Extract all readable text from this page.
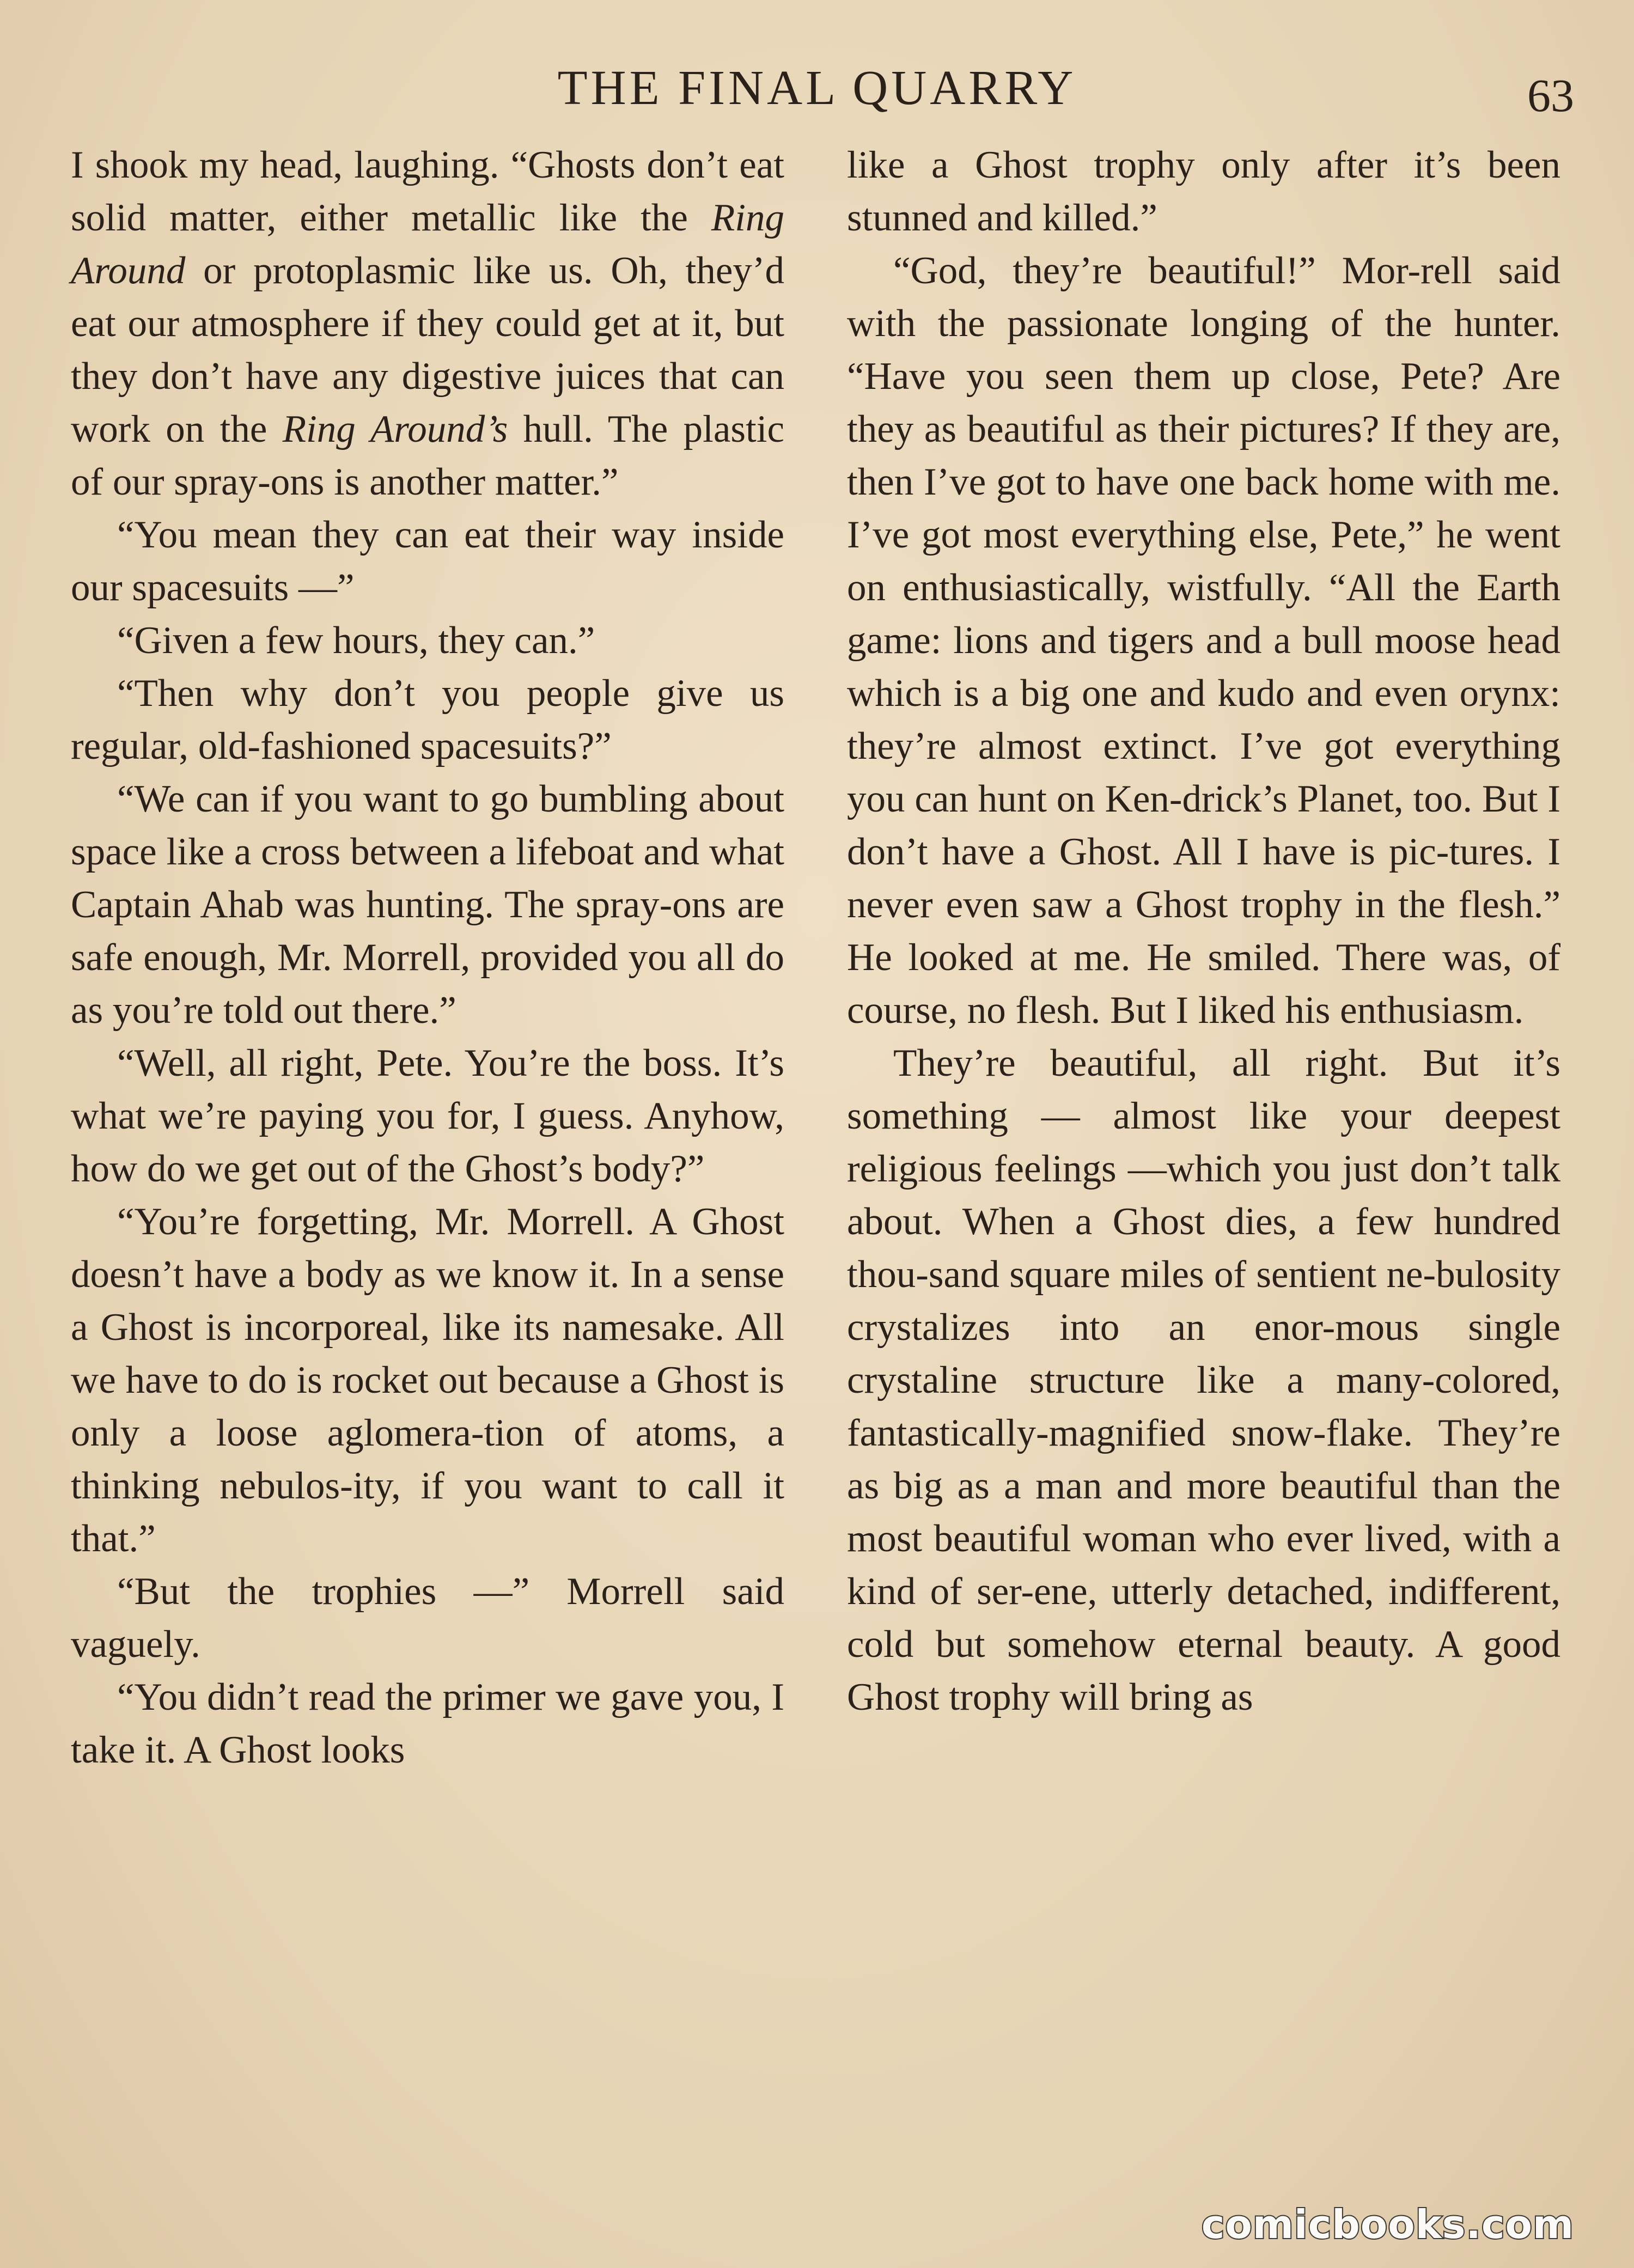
THE FINAL QUARRY	63

I shook my head, laughing. “Ghosts don’t eat solid matter, either metallic like the Ring Around or protoplasmic like us. Oh, they’d eat our atmosphere if they could get at it, but they don’t have any digestive juices that can work on the Ring Around’s hull. The plastic of our spray-ons is another matter.”

“You mean they can eat their way inside our spacesuits —”

“Given a few hours, they can.”

“Then why don’t you people give us regular, old-fashioned spacesuits?”

“We can if you want to go bumbling about space like a cross between a lifeboat and what Captain Ahab was hunting. The spray-ons are safe enough, Mr. Morrell, provided you all do as you’re told out there.”

“Well, all right, Pete. You’re the boss. It’s what we’re paying you for, I guess. Anyhow, how do we get out of the Ghost’s body?”

“You’re forgetting, Mr. Morrell. A Ghost doesn’t have a body as we know it. In a sense a Ghost is incorporeal, like its namesake. All we have to do is rocket out because a Ghost is only a loose aglomera-tion of atoms, a thinking nebulos-ity, if you want to call it that.”

“But the trophies —” Morrell said vaguely.

“You didn’t read the primer we gave you, I take it. A Ghost looks

like a Ghost trophy only after it’s been stunned and killed.”

“God, they’re beautiful!” Mor-rell said with the passionate longing of the hunter. “Have you seen them up close, Pete? Are they as beautiful as their pictures? If they are, then I’ve got to have one back home with me. I’ve got most everything else, Pete,” he went on enthusiastically, wistfully. “All the Earth game: lions and tigers and a bull moose head which is a big one and kudo and even orynx: they’re almost extinct. I’ve got everything you can hunt on Ken-drick’s Planet, too. But I don’t have a Ghost. All I have is pic-tures. I never even saw a Ghost trophy in the flesh.” He looked at me. He smiled. There was, of course, no flesh. But I liked his enthusiasm.

They’re beautiful, all right. But it’s something — almost like your deepest religious feelings —which you just don’t talk about. When a Ghost dies, a few hundred thou-sand square miles of sentient ne-bulosity crystalizes into an enor-mous single crystaline structure like a many-colored, fantastically-magnified snow-flake. They’re as big as a man and more beautiful than the most beautiful woman who ever lived, with a kind of ser-ene, utterly detached, indifferent, cold but somehow eternal beauty. A good Ghost trophy will bring as

comicbooks.com
